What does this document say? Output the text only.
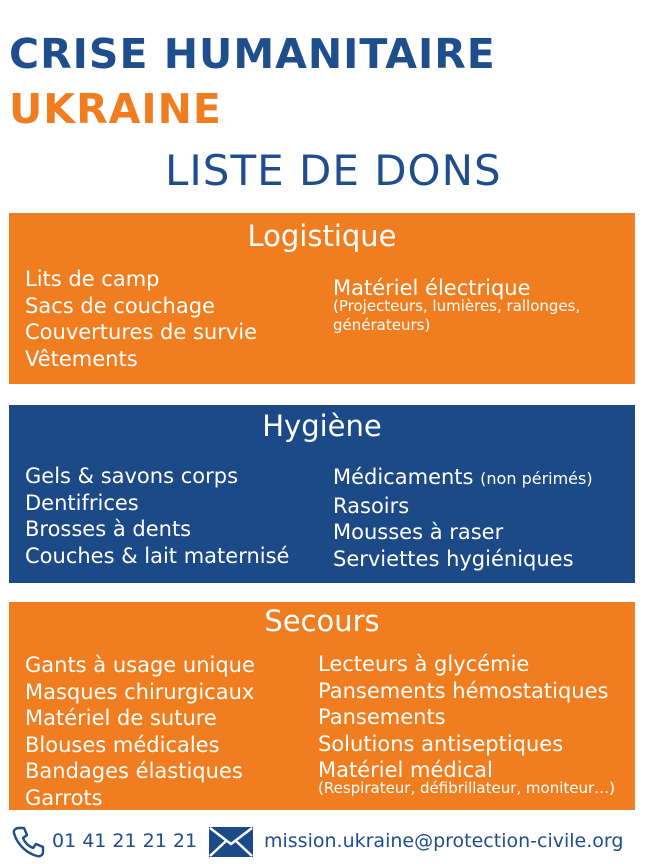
CRISE HUMANITAIRE
UKRAINE
LISTE DE DONS
Logistique
Lits de camp
Sacs de couchage
Couvertures de survie
Vêtements
Matériel électrique
(Projecteurs, lumières, rallonges,
générateurs)
Hygiène
Gels & savons corps
Dentifrices
Brosses à dents
Couches & lait maternisé
Médicaments (non périmés)
Rasoirs
Mousses à raser
Serviettes hygiéniques
Secours
Gants à usage unique
Masques chirurgicaux
Matériel de suture
Blouses médicales
Bandages élastiques
Garrots
Lecteurs à glycémie
Pansements hémostatiques
Pansements
Solutions antiseptiques
Matériel médical
(Respirateur, défibrillateur, moniteur…)
01 41 21 21 21	mission.ukraine@protection-civile.org
